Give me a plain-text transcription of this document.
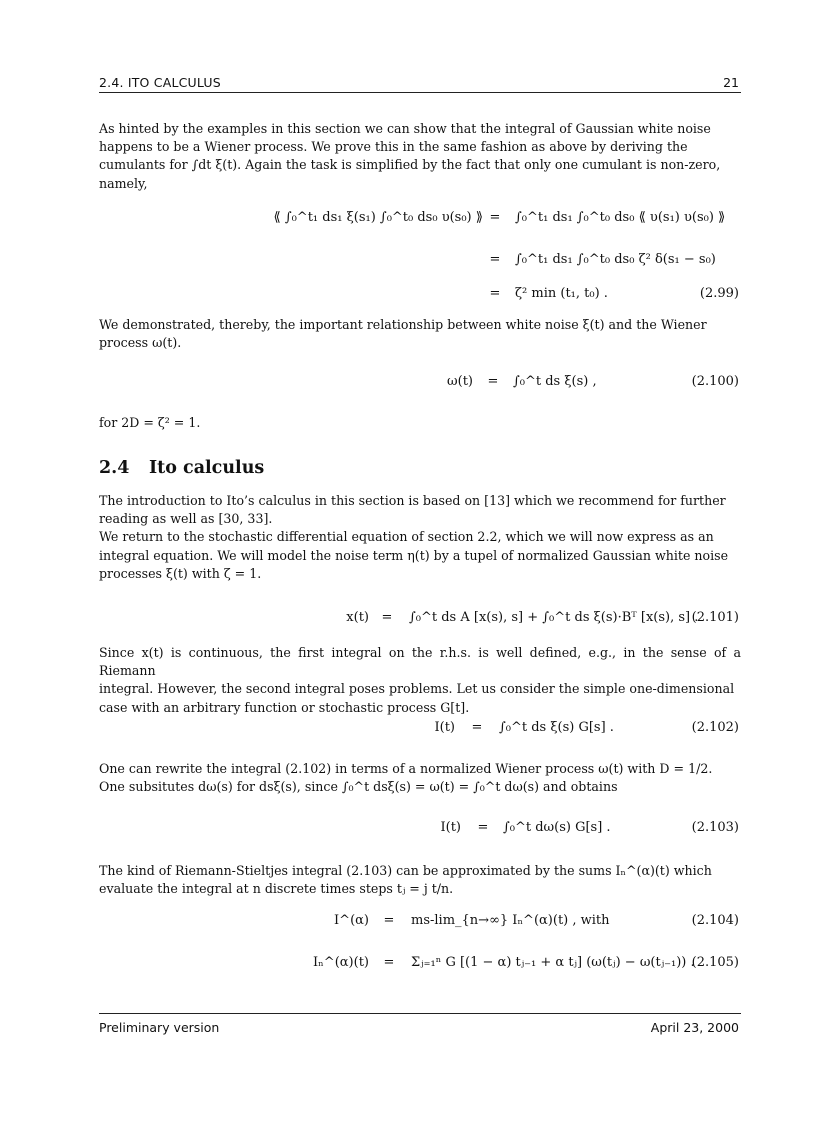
2.4. ITO CALCULUS	21
As hinted by the examples in this section we can show that the integral of Gaussian white noise
happens to be a Wiener process. We prove this in the same fashion as above by deriving the
cumulants for ∫dt ξ(t). Again the task is simplified by the fact that only one cumulant is non-zero,
namely,
⟪ ∫₀^t₁ ds₁ ξ(s₁) ∫₀^t₀ ds₀ υ(s₀) ⟫ =	∫₀^t₁ ds₁ ∫₀^t₀ ds₀ ⟪ υ(s₁) υ(s₀) ⟫
=	∫₀^t₁ ds₁ ∫₀^t₀ ds₀ ζ² δ(s₁ − s₀)
=	ζ² min (t₁, t₀) .	(2.99)
We demonstrated, thereby, the important relationship between white noise ξ(t) and the Wiener
process ω(t).
ω(t)	=	∫₀^t ds ξ(s) ,	(2.100)
for 2D = ζ² = 1.
2.4 Ito calculus
The introduction to Ito’s calculus in this section is based on [13] which we recommend for further
reading as well as [30, 33].
We return to the stochastic differential equation of section 2.2, which we will now express as an
integral equation. We will model the noise term η(t) by a tupel of normalized Gaussian white noise
processes ξ(t) with ζ = 1.
x(t) =	∫₀^t ds A [x(s), s] + ∫₀^t ds ξ(s)·Bᵀ [x(s), s] .
(2.101)
Since x(t) is continuous, the first integral on the r.h.s. is well defined, e.g., in the sense of a Riemann
integral. However, the second integral poses problems. Let us consider the simple one-dimensional
case with an arbitrary function or stochastic process G[t].
I(t)	=	∫₀^t ds ξ(s) G[s] .	(2.102)
One can rewrite the integral (2.102) in terms of a normalized Wiener process ω(t) with D = 1/2.
One subsitutes dω(s) for dsξ(s), since ∫₀^t dsξ(s) = ω(t) = ∫₀^t dω(s) and obtains
I(t)	=	∫₀^t dω(s) G[s] .	(2.103)
The kind of Riemann-Stieltjes integral (2.103) can be approximated by the sums Iₙ^(α)(t) which
evaluate the integral at n discrete times steps tⱼ = j t/n.
I^(α)	=	ms-lim_{n→∞} Iₙ^(α)(t) , with	(2.104)
Iₙ^(α)(t)	=	Σⱼ₌₁ⁿ G [(1 − α) tⱼ₋₁ + α tⱼ] (ω(tⱼ) − ω(tⱼ₋₁)) .
(2.105)
Preliminary version	April 23, 2000
